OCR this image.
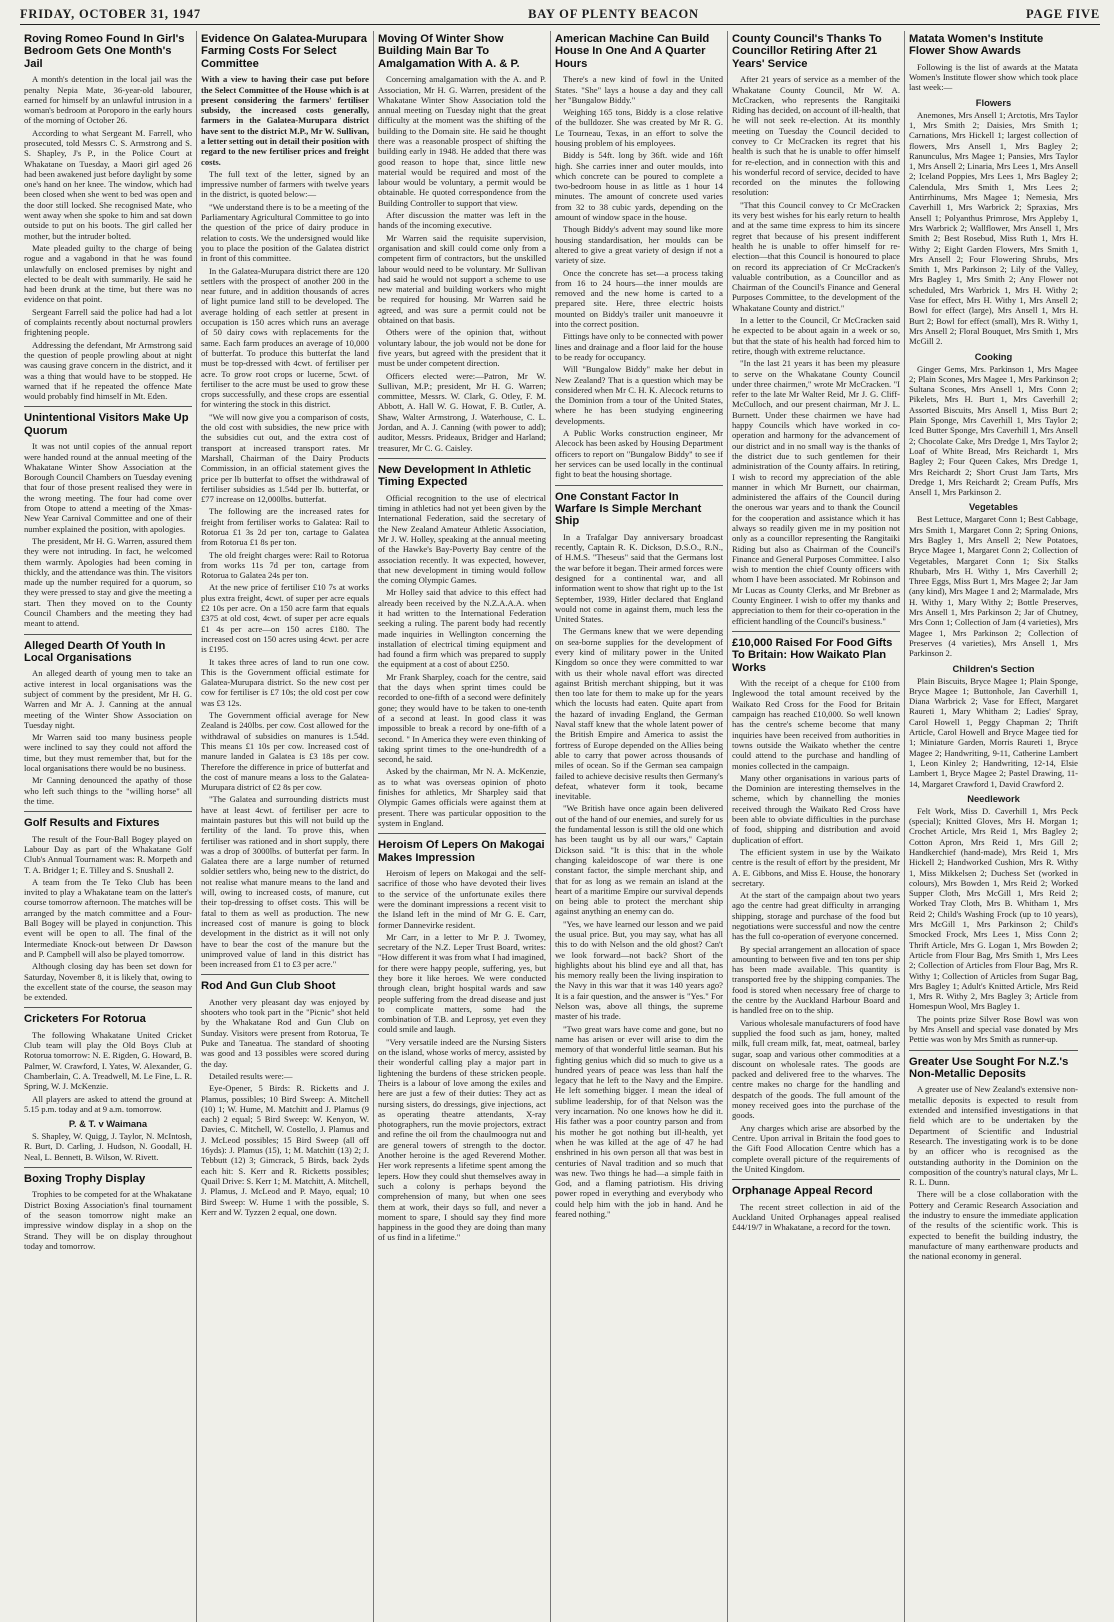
FRIDAY, OCTOBER 31, 1947	BAY OF PLENTY BEACON	PAGE FIVE
Roving Romeo Found In Girl's Bedroom Gets One Month's Jail

A month's detention in the local jail was the penalty Nepia Mate, 36-year-old labourer, earned for himself by an unlawful intrusion in a woman's bedroom at Poroporo in the early hours of the morning of October 26.

According to what Sergeant M. Farrell, who prosecuted, told Messrs C. S. Armstrong and S. S. Shapley, J's P., in the Police Court at Whakatane on Tuesday, a Maori girl aged 26 had been awakened just before daylight by some one's hand on her knee. The window, which had been closed when she went to bed was open and the door still locked. She recognised Mate, who went away when she spoke to him and sat down outside to put on his boots. The girl called her mother, but the intruder bolted.

Mate pleaded guilty to the charge of being rogue and a vagabond in that he was found unlawfully on enclosed premises by night and elected to be dealt with summarily. He said he had been drunk at the time, but there was no evidence on that point.

Sergeant Farrell said the police had had a lot of complaints recently about nocturnal prowlers frightening people.

Addressing the defendant, Mr Armstrong said the question of people prowling about at night was causing grave concern in the district, and it was a thing that would have to be stopped. He warned that if he repeated the offence Mate would probably find himself in Mt. Eden.

Unintentional Visitors Make Up Quorum

It was not until copies of the annual report were handed round at the annual meeting of the Whakatane Winter Show Association at the Borough Council Chambers on Tuesday evening that four of those present realised they were in the wrong meeting. The four had come over from Otope to attend a meeting of the Xmas-New Year Carnival Committee and one of their number explained the position, with apologies.

The president, Mr H. G. Warren, assured them they were not intruding. In fact, he welcomed them warmly. Apologies had been coming in thickly, and the attendance was thin. The visitors made up the number required for a quorum, so they were pressed to stay and give the meeting a start. Then they moved on to the County Council Chambers and the meeting they had meant to attend.

Alleged Dearth Of Youth In Local Organisations

An alleged dearth of young men to take an active interest in local organisations was the subject of comment by the president, Mr H. G. Warren and Mr A. J. Canning at the annual meeting of the Winter Show Association on Tuesday night.

Mr Warren said too many business people were inclined to say they could not afford the time, but they must remember that, but for the local organisations there would be no business.

Mr Canning denounced the apathy of those who left such things to the "willing horse" all the time.

Golf Results and Fixtures

The result of the Four-Ball Bogey played on Labour Day as part of the Whakatane Golf Club's Annual Tournament was: R. Morpeth and T. A. Bridger 1; E. Tilley and S. Snushall 2.

A team from the Te Teko Club has been invited to play a Whakatane team on the latter's course tomorrow afternoon. The matches will be arranged by the match committee and a Four-Ball Bogey will be played in conjunction. This event will be open to all. The final of the Intermediate Knock-out between Dr Dawson and P. Campbell will also be played tomorrow.

Although closing day has been set down for Saturday, November 8, it is likely that, owing to the excellent state of the course, the season may be extended.

Cricketers For Rotorua

The following Whakatane United Cricket Club team will play the Old Boys Club at Rotorua tomorrow: N. E. Rigden, G. Howard, B. Palmer, W. Crawford, I. Yates, W. Alexander, G. Chamberlain, C. A. Treadwell, M. Le Fine, L. R. Spring, W. J. McKenzie.

All players are asked to attend the ground at 5.15 p.m. today and at 9 a.m. tomorrow.

P. & T. v Waimana

S. Shapley, W. Quigg, J. Taylor, N. McIntosh, R. Burt, D. Carling, J. Hudson, N. Goodall, H. Neal, L. Bennett, B. Wilson, W. Rivett.

Boxing Trophy Display

Trophies to be competed for at the Whakatane District Boxing Association's final tournament of the season tomorrow night make an impressive window display in a shop on the Strand. They will be on display throughout today and tomorrow.

Evidence On Galatea-Murupara Farming Costs For Select Committee

With a view to having their case put before the Select Committee of the House which is at present considering the farmers' fertiliser subsidy, the increased costs generally, farmers in the Galatea-Murupara district have sent to the district M.P., Mr W. Sullivan, a letter setting out in detail their position with regard to the new fertiliser prices and freight costs.

The full text of the letter, signed by an impressive number of farmers with twelve years in the district, is quoted below:—

"We understand there is to be a meeting of the Parliamentary Agricultural Committee to go into the question of the price of dairy produce in relation to costs. We the undersigned would like you to place the position of the Galatea district in front of this committee.

In the Galatea-Murupara district there are 120 settlers with the prospect of another 200 in the near future, and in addition thousands of acres of light pumice land still to be developed. The average holding of each settler at present in occupation is 150 acres which runs an average of 50 dairy cows with replacements for the same. Each farm produces an average of 10,000 of butterfat. To produce this butterfat the land must be top-dressed with 4cwt. of fertiliser per acre. To grow root crops or lucerne, 5cwt. of fertiliser to the acre must be used to grow these crops successfully, and these crops are essential for wintering the stock in this district.

"We will now give you a comparison of costs, the old cost with subsidies, the new price with the subsidies cut out, and the extra cost of transport at increased transport rates. Mr Marshall, Chairman of the Dairy Products Commission, in an official statement gives the price per lb butterfat to offset the withdrawal of fertiliser subsidies as 1.54d per lb. butterfat, or £77 increase on 12,000lbs. butterfat.

The following are the increased rates for freight from fertiliser works to Galatea: Rail to Rotorua £1 3s 2d per ton, cartage to Galatea from Rotorua £1 8s per ton.

The old freight charges were: Rail to Rotorua from works 11s 7d per ton, cartage from Rotorua to Galatea 24s per ton.

At the new price of fertiliser £10 7s at works plus extra freight, 4cwt. of super per acre equals £2 10s per acre. On a 150 acre farm that equals £375 at old cost, 4cwt. of super per acre equals £1 4s per acre—on 150 acres £180. The increased cost on 150 acres using 4cwt. per acre is £195.

It takes three acres of land to run one cow. This is the Government official estimate for Galatea-Murupara district. So the new cost per cow for fertiliser is £7 10s; the old cost per cow was £3 12s.

The Government official average for New Zealand is 240lbs. per cow. Cost allowed for the withdrawal of subsidies on manures is 1.54d. This means £1 10s per cow. Increased cost of manure landed in Galatea is £3 18s per cow. Therefore the difference in price of butterfat and the cost of manure means a loss to the Galatea-Murupara district of £2 8s per cow.

"The Galatea and surrounding districts must have at least 4cwt. of fertiliser per acre to maintain pastures but this will not build up the fertility of the land. To prove this, when fertiliser was rationed and in short supply, there was a drop of 3000lbs. of butterfat per farm. In Galatea there are a large number of returned soldier settlers who, being new to the district, do not realise what manure means to the land and will, owing to increased costs, of manure, cut their top-dressing to offset costs. This will be fatal to them as well as production. The new increased cost of manure is going to block development in the district as it will not only have to bear the cost of the manure but the unimproved value of land in this district has been increased from £1 to £3 per acre."

Rod And Gun Club Shoot

Another very pleasant day was enjoyed by shooters who took part in the "Picnic" shot held by the Whakatane Rod and Gun Club on Sunday. Visitors were present from Rotorua, Te Puke and Taneatua. The standard of shooting was good and 13 possibles were scored during the day.

Detailed results were:—

Eye-Opener, 5 Birds: R. Ricketts and J. Plamus, possibles; 10 Bird Sweep: A. Mitchell (10) 1; W. Hume, M. Matchitt and J. Plamus (9 each) 2 equal; 5 Bird Sweep: W. Kenyon, W. Davies, C. Mitchell, W. Costello, J. Plamus and J. McLeod possibles; 15 Bird Sweep (all off 16yds): J. Plamus (15), 1; M. Matchitt (13) 2; J. Tebbutt (12) 3; Gimcrack, 5 Birds, back 2yds each hit: S. Kerr and R. Ricketts possibles; Quail Drive: S. Kerr 1; M. Matchitt, A. Mitchell, J. Plamus, J. McLeod and P. Mayo, equal; 10 Bird Sweep: W. Hume 1 with the possible, S. Kerr and W. Tyzzen 2 equal, one down.

Moving Of Winter Show Building Main Bar To Amalgamation With A. & P.

Concerning amalgamation with the A. and P. Association, Mr H. G. Warren, president of the Whakatane Winter Show Association told the annual meeting on Tuesday night that the great difficulty at the moment was the shifting of the building to the Domain site. He said he thought there was a reasonable prospect of shifting the building early in 1948. He added that there was good reason to hope that, since little new material would be required and most of the labour would be voluntary, a permit would be obtainable. He quoted correspondence from the Building Controller to support that view.

After discussion the matter was left in the hands of the incoming executive.

Mr Warren said the requisite supervision, organisation and skill could come only from a competent firm of contractors, but the unskilled labour would need to be voluntary. Mr Sullivan had said he would not support a scheme to use new material and building workers who might be required for housing. Mr Warren said he agreed, and was sure a permit could not be obtained on that basis.

Others were of the opinion that, without voluntary labour, the job would not be done for five years, but agreed with the president that it must be under competent direction.

Officers elected were:—Patron, Mr W. Sullivan, M.P.; president, Mr H. G. Warren; committee, Messrs. W. Clark, G. Otley, F. M. Abbott, A. Hall W. G. Howat, F. B. Cutler, A. Shaw, Walter Armstrong, J. Waterhouse, C. L. Jordan, and A. J. Canning (with power to add); auditor, Messrs. Prideaux, Bridger and Harland; treasurer, Mr C. G. Caisley.

New Development In Athletic Timing Expected

Official recognition to the use of electrical timing in athletics had not yet been given by the International Federation, said the secretary of the New Zealand Amateur Athletic Association, Mr J. W. Holley, speaking at the annual meeting of the Hawke's Bay-Poverty Bay centre of the association recently. It was expected, however, that new development in timing would follow the coming Olympic Games.

Mr Holley said that advice to this effect had already been received by the N.Z.A.A.A. when it had written to the International Federation seeking a ruling. The parent body had recently made inquiries in Wellington concerning the installation of electrical timing equipment and had found a firm which was prepared to supply the equipment at a cost of about £250.

Mr Frank Sharpley, coach for the centre, said that the days when sprint times could be recorded to one-fifth of a second were definitely gone; they would have to be taken to one-tenth of a second at least. In good class it was impossible to break a record by one-fifth of a second. " In America they were even thinking of taking sprint times to the one-hundredth of a second, he said.

Asked by the chairman, Mr N. A. McKenzie, as to what was overseas opinion of photo finishes for athletics, Mr Sharpley said that Olympic Games officials were against them at present. There was particular opposition to the system in England.

Heroism Of Lepers On Makogai Makes Impression

Heroism of lepers on Makogai and the self-sacrifice of those who have devoted their lives to the service of the unfortunate exiles there were the dominant impressions a recent visit to the Island left in the mind of Mr G. E. Carr, former Dannevirke resident.

Mr Carr, in a letter to Mr P. J. Twomey, secretary of the N.Z. Leper Trust Board, writes: "How different it was from what I had imagined, for there were happy people, suffering, yes, but they bore it like heroes. We were conducted through clean, bright hospital wards and saw people suffering from the dread disease and just to complicate matters, some had the combination of T.B. and Leprosy, yet even they could smile and laugh.

"Very versatile indeed are the Nursing Sisters on the island, whose works of mercy, assisted by their wonderful calling play a major part in lightening the burdens of these stricken people. Theirs is a labour of love among the exiles and here are just a few of their duties: They act as nursing sisters, do dressings, give injections, act as operating theatre attendants, X-ray photographers, run the movie projectors, extract and refine the oil from the chaulmoogra nut and are general towers of strength to the doctor. Another heroine is the aged Reverend Mother. Her work represents a lifetime spent among the lepers. How they could shut themselves away in such a colony is perhaps beyond the comprehension of many, but when one sees them at work, their days so full, and never a moment to spare, I should say they find more happiness in the good they are doing than many of us find in a lifetime."

American Machine Can Build House In One And A Quarter Hours

There's a new kind of fowl in the United States. "She" lays a house a day and they call her "Bungalow Biddy."

Weighing 165 tons, Biddy is a close relative of the bulldozer. She was created by Mr R. G. Le Tourneau, Texas, in an effort to solve the housing problem of his employees.

Biddy is 54ft. long by 36ft. wide and 16ft high. She carries inner and outer moulds, into which concrete can be poured to complete a two-bedroom house in as little as 1 hour 14 minutes. The amount of concrete used varies from 32 to 38 cubic yards, depending on the amount of window space in the house.

Though Biddy's advent may sound like more housing standardisation, her moulds can be altered to give a great variety of design if not a variety of size.

Once the concrete has set—a process taking from 16 to 24 hours—the inner moulds are removed and the new home is carted to a prepared site. Here, three electric hoists mounted on Biddy's trailer unit manoeuvre it into the correct position.

Fittings have only to be connected with power lines and drainage and a floor laid for the house to be ready for occupancy.

Will "Bungalow Biddy" make her debut in New Zealand? That is a question which may be considered when Mr C. H. K. Alecock returns to the Dominion from a tour of the United States, where he has been studying engineering developments.

A Public Works construction engineer, Mr Alecock has been asked by Housing Department officers to report on "Bungalow Biddy" to see if her services can be used locally in the continual fight to beat the housing shortage.

One Constant Factor In Warfare Is Simple Merchant Ship

In a Trafalgar Day anniversary broadcast recently, Captain R. K. Dickson, D.S.O., R.N., of H.M.S. "Theseus" said that the Germans lost the war before it began. Their armed forces were designed for a continental war, and all information went to show that right up to the 1st September, 1939, Hitler declared that England would not come in against them, much less the United States.

The Germans knew that we were depending on sea-borne supplies for the development of every kind of military power in the United Kingdom so once they were committed to war with us their whole naval effort was directed against British merchant shipping, but it was then too late for them to make up for the years which the locusts had eaten. Quite apart from the hazard of invading England, the German Naval staff knew that the whole latent power of the British Empire and America to assist the fortress of Europe depended on the Allies being able to carry that power across thousands of miles of ocean. So if the German sea campaign failed to achieve decisive results then Germany's defeat, whatever form it took, became inevitable.

"We British have once again been delivered out of the hand of our enemies, and surely for us the fundamental lesson is still the old one which has been taught us by all our wars," Captain Dickson said. "It is this: that in the whole changing kaleidoscope of war there is one constant factor, the simple merchant ship, and that for as long as we remain an island at the heart of a maritime Empire our survival depends on being able to protect the merchant ship against anything an enemy can do.

"Yes, we have learned our lesson and we paid the usual price. But, you may say, what has all this to do with Nelson and the old ghost? Can't we look forward—not back? Short of the highlights about his blind eye and all that, has his memory really been the living inspiration to the Navy in this war that it was 140 years ago? It is a fair question, and the answer is "Yes." For Nelson was, above all things, the supreme master of his trade.

"Two great wars have come and gone, but no name has arisen or ever will arise to dim the memory of that wonderful little seaman. But his fighting genius which did so much to give us a hundred years of peace was less than half the legacy that he left to the Navy and the Empire. He left something bigger. I mean the ideal of sublime leadership, for of that Nelson was the very incarnation. No one knows how he did it. His father was a poor country parson and from his mother he got nothing but ill-health, yet when he was killed at the age of 47 he had enshrined in his own person all that was best in centuries of Naval tradition and so much that was new. Two things he had—a simple faith in God, and a flaming patriotism. His driving power roped in everything and everybody who could help him with the job in hand. And he feared nothing."

County Council's Thanks To Councillor Retiring After 21 Years' Service

After 21 years of service as a member of the Whakatane County Council, Mr W. A. McCracken, who represents the Rangitaiki Riding has decided, on account of ill-health, that he will not seek re-election. At its monthly meeting on Tuesday the Council decided to convey to Cr McCracken its regret that his health is such that he is unable to offer himself for re-election, and in connection with this and his wonderful record of service, decided to have recorded on the minutes the following resolution:

"That this Council convey to Cr McCracken its very best wishes for his early return to health and at the same time express to him its sincere regret that because of his present indifferent health he is unable to offer himself for re-election—that this Council is honoured to place on record its appreciation of Cr McCracken's valuable contribution, as a Councillor and as Chairman of the Council's Finance and General Purposes Committee, to the development of the Whakatane County and district."

In a letter to the Council, Cr McCracken said he expected to be about again in a week or so, but that the state of his health had forced him to retire, though with extreme reluctance.

"In the last 21 years it has been my pleasure to serve on the Whakatane County Council under three chairmen," wrote Mr McCracken. "I refer to the late Mr Walter Reid, Mr J. G. Cliff-McCulloch, and our present chairman, Mr J. L. Burnett. Under these chairmen we have had happy Councils which have worked in co-operation and harmony for the advancement of our district and in no small way is the thanks of the district due to such gentlemen for their administration of the County affairs. In retiring, I wish to record my appreciation of the able manner in which Mr Burnett, our chairman, administered the affairs of the Council during the onerous war years and to thank the Council for the cooperation and assistance which it has always so readily given me in my position not only as a councillor representing the Rangitaiki Riding but also as Chairman of the Council's Finance and General Purposes Committee. I also wish to mention the chief County officers with whom I have been associated. Mr Robinson and Mr Lucas as County Clerks, and Mr Brebner as County Engineer. I wish to offer my thanks and appreciation to them for their co-operation in the efficient handling of the Council's business."

£10,000 Raised For Food Gifts To Britain: How Waikato Plan Works

With the receipt of a cheque for £100 from Inglewood the total amount received by the Waikato Red Cross for the Food for Britain campaign has reached £10,000. So well known has the centre's scheme become that many inquiries have been received from authorities in towns outside the Waikato whether the centre could attend to the purchase and handling of monies collected in the campaign.

Many other organisations in various parts of the Dominion are interesting themselves in the scheme, which by channelling the monies received through the Waikato Red Cross have been able to obviate difficulties in the purchase of food, shipping and distribution and avoid duplication of effort.

The efficient system in use by the Waikato centre is the result of effort by the president, Mr A. E. Gibbons, and Miss E. House, the honorary secretary.

At the start of the campaign about two years ago the centre had great difficulty in arranging shipping, storage and purchase of the food but negotiations were successful and now the centre has the full co-operation of everyone concerned.

By special arrangement an allocation of space amounting to between five and ten tons per ship has been made available. This quantity is transported free by the shipping companies. The food is stored when necessary free of charge to the centre by the Auckland Harbour Board and is handled free on to the ship.

Various wholesale manufacturers of food have supplied the food such as jam, honey, malted milk, full cream milk, fat, meat, oatmeal, barley sugar, soap and various other commodities at a discount on wholesale rates. The goods are packed and delivered free to the wharves. The centre makes no charge for the handling and despatch of the goods. The full amount of the money received goes into the purchase of the goods.

Any charges which arise are absorbed by the Centre. Upon arrival in Britain the food goes to the Gift Food Allocation Centre which has a complete overall picture of the requirements of the United Kingdom.

Orphanage Appeal Record

The recent street collection in aid of the Auckland United Orphanages appeal realised £44/19/7 in Whakatane, a record for the town.

Matata Women's Institute Flower Show Awards

Following is the list of awards at the Matata Women's Institute flower show which took place last week:—

Flowers

Anemones, Mrs Ansell 1; Arctotis, Mrs Taylor 1, Mrs Smith 2; Daisies, Mrs Smith 1; Carnations, Mrs Hickell 1; largest collection of flowers, Mrs Ansell 1, Mrs Bagley 2; Ranunculus, Mrs Magee 1; Pansies, Mrs Taylor 1, Mrs Ansell 2; Linaria, Mrs Lees 1, Mrs Ansell 2; Iceland Poppies, Mrs Lees 1, Mrs Bagley 2; Calendula, Mrs Smith 1, Mrs Lees 2; Antirrhinums, Mrs Magee 1; Nemesia, Mrs Caverhill 1, Mrs Warbrick 2; Spraxias, Mrs Ansell 1; Polyanthus Primrose, Mrs Appleby 1, Mrs Warbrick 2; Wallflower, Mrs Ansell 1, Mrs Smith 2; Best Rosebud, Miss Ruth 1, Mrs H. Withy 2; Eight Garden Flowers, Mrs Smith 1, Mrs Ansell 2; Four Flowering Shrubs, Mrs Smith 1, Mrs Parkinson 2; Lily of the Valley, Mrs Bagley 1, Mrs Smith 2; Any Flower not scheduled, Mrs Warbrick 1, Mrs H. Withy 2; Vase for effect, Mrs H. Withy 1, Mrs Ansell 2; Bowl for effect (large), Mrs Ansell 1, Mrs H. Burt 2; Bowl for effect (small), Mrs R. Withy 1, Mrs Ansell 2; Floral Bouquet, Mrs Smith 1, Mrs McGill 2.

Cooking

Ginger Gems, Mrs. Parkinson 1, Mrs Magee 2; Plain Scones, Mrs Magee 1, Mrs Parkinson 2; Sultana Scones, Mrs Ansell 1, Mrs Conn 2; Pikelets, Mrs H. Burt 1, Mrs Caverhill 2; Assorted Biscuits, Mrs Ansell 1, Miss Burt 2; Plain Sponge, Mrs Caverhill 1, Mrs Taylor 2; Iced Butter Sponge, Mrs Caverhill 1, Mrs Ansell 2; Chocolate Cake, Mrs Dredge 1, Mrs Taylor 2; Loaf of White Bread, Mrs Reichardt 1, Mrs Bagley 2; Four Queen Cakes, Mrs Dredge 1, Mrs Reichardt 2; Short Crust Jam Tarts, Mrs Dredge 1, Mrs Reichardt 2; Cream Puffs, Mrs Ansell 1, Mrs Parkinson 2.

Vegetables

Best Lettuce, Margaret Conn 1; Best Cabbage, Mrs Smith 1, Margaret Conn 2; Spring Onions, Mrs Bagley 1, Mrs Ansell 2; New Potatoes, Bryce Magee 1, Margaret Conn 2; Collection of Vegetables, Margaret Conn 1; Six Stalks Rhubarb, Mrs H. Withy 1, Mrs Caverhill 2; Three Eggs, Miss Burt 1, Mrs Magee 2; Jar Jam (any kind), Mrs Magee 1 and 2; Marmalade, Mrs H. Withy 1, Mary Withy 2; Bottle Preserves, Mrs Ansell 1, Mrs Parkinson 2; Jar of Chutney, Mrs Conn 1; Collection of Jam (4 varieties), Mrs Magee 1, Mrs Parkinson 2; Collection of Preserves (4 varieties), Mrs Ansell 1, Mrs Parkinson 2.

Children's Section

Plain Biscuits, Bryce Magee 1; Plain Sponge, Bryce Magee 1; Buttonhole, Jan Caverhill 1, Diana Warbrick 2; Vase for Effect, Margaret Raureti 1, Mary Whitham 2; Ladies' Spray, Carol Howell 1, Peggy Chapman 2; Thrift Article, Carol Howell and Bryce Magee tied for 1; Miniature Garden, Morris Raureti 1, Bryce Magee 2; Handwriting, 9-11, Catherine Lambert 1, Leon Kinley 2; Handwriting, 12-14, Elsie Lambert 1, Bryce Magee 2; Pastel Drawing, 11-14, Margaret Crawford 1, David Crawford 2.

Needlework

Felt Work, Miss D. Caverhill 1, Mrs Peck (special); Knitted Gloves, Mrs H. Morgan 1; Crochet Article, Mrs Reid 1, Mrs Bagley 2; Cotton Apron, Mrs Reid 1, Mrs Gill 2; Handkerchief (hand-made), Mrs Reid 1, Mrs Hickell 2; Handworked Cushion, Mrs R. Withy 1, Miss Mikkelsen 2; Duchess Set (worked in colours), Mrs Bowden 1, Mrs Reid 2; Worked Supper Cloth, Mrs McGill 1, Mrs Reid 2; Worked Tray Cloth, Mrs B. Whitham 1, Mrs Reid 2; Child's Washing Frock (up to 10 years), Mrs McGill 1, Mrs Parkinson 2; Child's Smocked Frock, Mrs Lees 1, Miss Conn 2; Thrift Article, Mrs G. Logan 1, Mrs Bowden 2; Article from Flour Bag, Mrs Smith 1, Mrs Lees 2; Collection of Articles from Flour Bag, Mrs R. Withy 1; Collection of Articles from Sugar Bag, Mrs Bagley 1; Adult's Knitted Article, Mrs Reid 1, Mrs R. Withy 2, Mrs Bagley 3; Article from Homespun Wool, Mrs Bagley 1.

The points prize Silver Rose Bowl was won by Mrs Ansell and special vase donated by Mrs Pettie was won by Mrs Smith as runner-up.

Greater Use Sought For N.Z.'s Non-Metallic Deposits

A greater use of New Zealand's extensive non-metallic deposits is expected to result from extended and intensified investigations in that field which are to be undertaken by the Department of Scientific and Industrial Research. The investigating work is to be done by an officer who is recognised as the outstanding authority in the Dominion on the composition of the country's natural clays, Mr L. R. L. Dunn.

There will be a close collaboration with the Pottery and Ceramic Research Association and the industry to ensure the immediate application of the results of the scientific work. This is expected to benefit the building industry, the manufacture of many earthenware products and the national economy in general.
